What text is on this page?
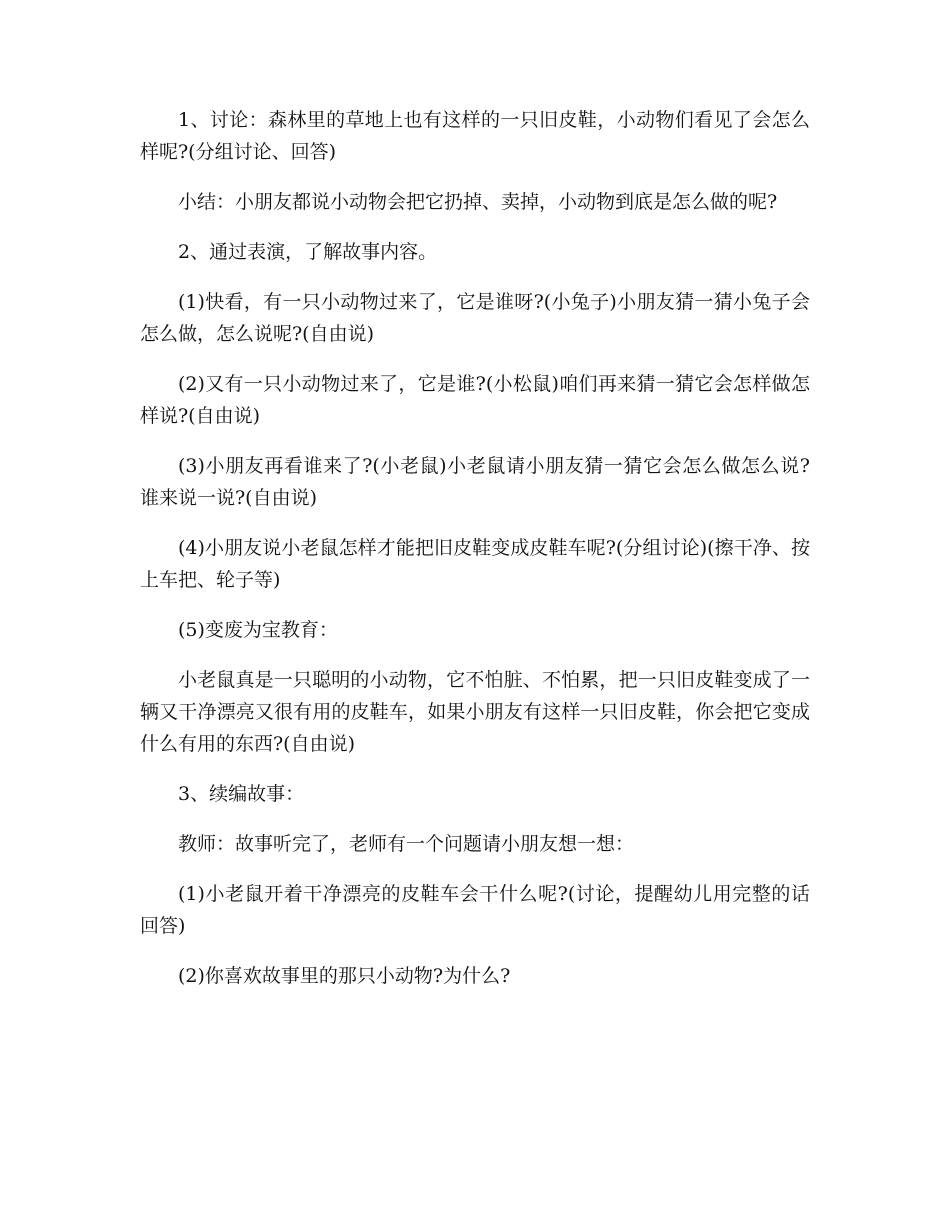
1、讨论：森林里的草地上也有这样的一只旧皮鞋，小动物们看见了会怎么样呢?(分组讨论、回答)

小结：小朋友都说小动物会把它扔掉、卖掉，小动物到底是怎么做的呢?

2、通过表演，了解故事内容。

(1)快看，有一只小动物过来了，它是谁呀?(小兔子)小朋友猜一猜小兔子会怎么做，怎么说呢?(自由说)

(2)又有一只小动物过来了，它是谁?(小松鼠)咱们再来猜一猜它会怎样做怎样说?(自由说)

(3)小朋友再看谁来了?(小老鼠)小老鼠请小朋友猜一猜它会怎么做怎么说?谁来说一说?(自由说)

(4)小朋友说小老鼠怎样才能把旧皮鞋变成皮鞋车呢?(分组讨论)(擦干净、按上车把、轮子等)

(5)变废为宝教育：

小老鼠真是一只聪明的小动物，它不怕脏、不怕累，把一只旧皮鞋变成了一辆又干净漂亮又很有用的皮鞋车，如果小朋友有这样一只旧皮鞋，你会把它变成什么有用的东西?(自由说)

3、续编故事：

教师：故事听完了，老师有一个问题请小朋友想一想：

(1)小老鼠开着干净漂亮的皮鞋车会干什么呢?(讨论，提醒幼儿用完整的话回答)

(2)你喜欢故事里的那只小动物?为什么?
